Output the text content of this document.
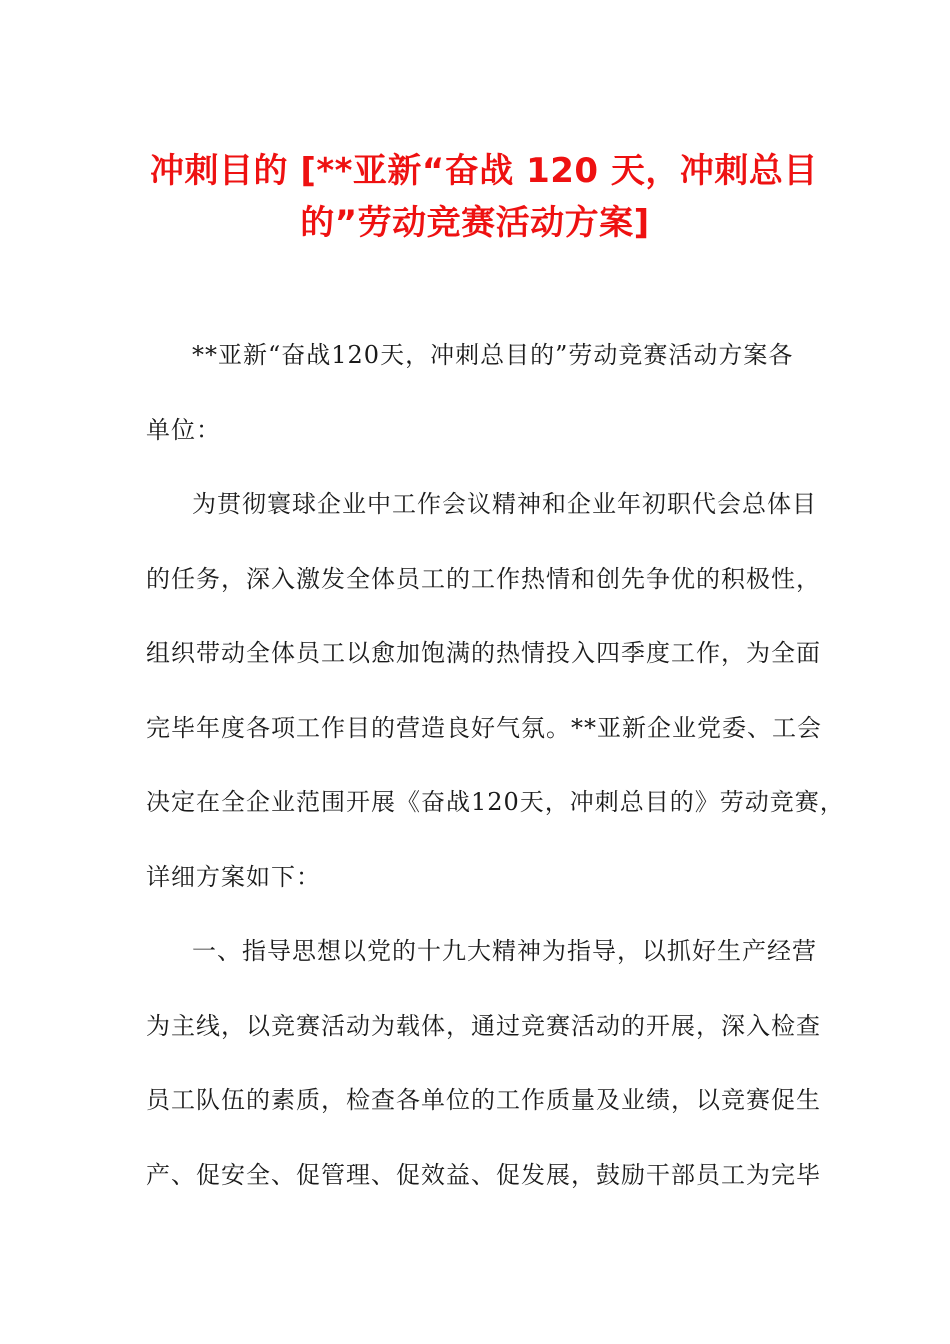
冲刺目的 [**亚新“奋战 120 天，冲刺总目
的”劳动竞赛活动方案]
**亚新“奋战120天，冲刺总目的”劳动竞赛活动方案各
单位：
为贯彻寰球企业中工作会议精神和企业年初职代会总体目
的任务，深入激发全体员工的工作热情和创先争优的积极性，
组织带动全体员工以愈加饱满的热情投入四季度工作，为全面
完毕年度各项工作目的营造良好气氛。**亚新企业党委、工会
决定在全企业范围开展《奋战120天，冲刺总目的》劳动竞赛，
详细方案如下：
一、指导思想以党的十九大精神为指导，以抓好生产经营
为主线，以竞赛活动为载体，通过竞赛活动的开展，深入检查
员工队伍的素质，检查各单位的工作质量及业绩，以竞赛促生
产、促安全、促管理、促效益、促发展，鼓励干部员工为完毕
